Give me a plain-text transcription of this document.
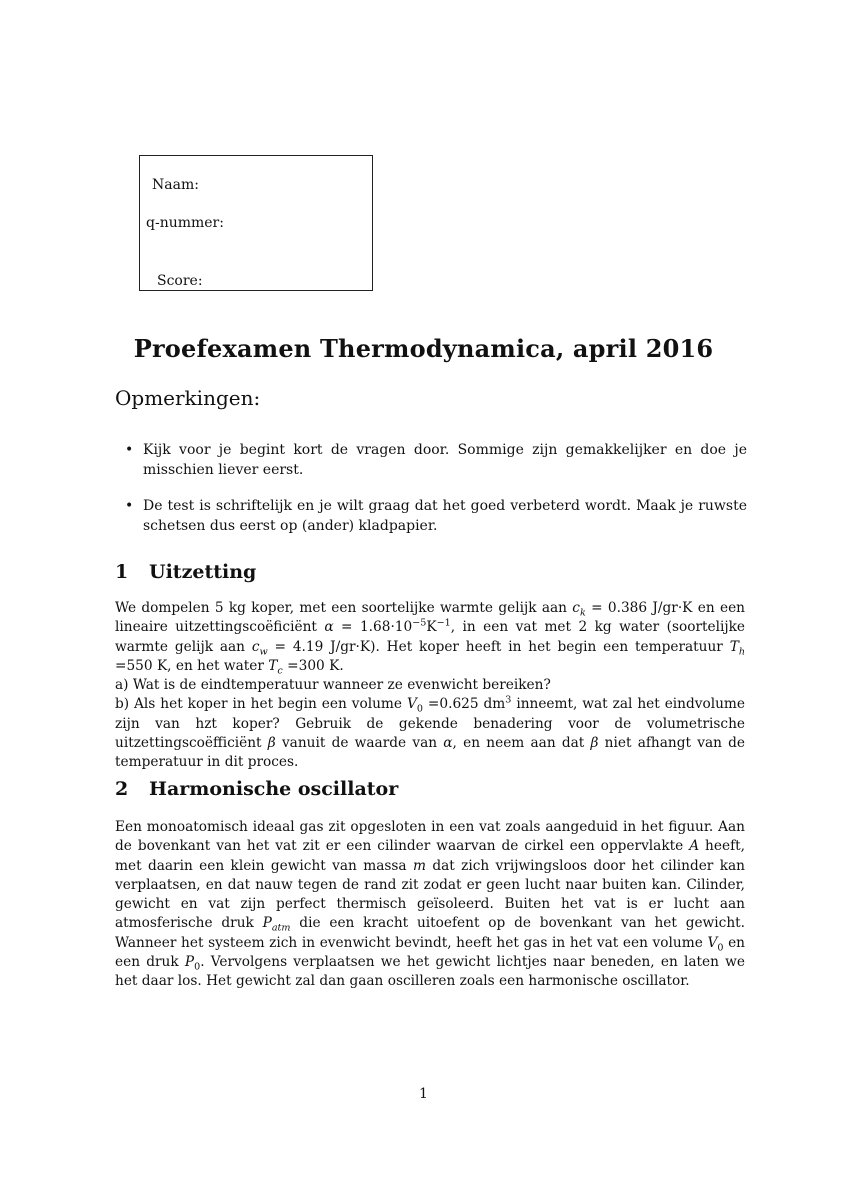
Naam:
q-nummer:
Score:
Proefexamen Thermodynamica, april 2016
Opmerkingen:
• Kijk voor je begint kort de vragen door. Sommige zijn gemakkelijker en doe je misschien liever eerst.
• De test is schriftelijk en je wilt graag dat het goed verbeterd wordt. Maak je ruwste schetsen dus eerst op (ander) kladpapier.
1 Uitzetting

We dompelen 5 kg koper, met een soortelijke warmte gelijk aan $c_k = 0.386$ J/gr·K en een lineaire uitzettingscoëficiënt $\alpha = 1.68\cdot 10^{-5}K^{-1}$, in een vat met 2 kg water (soortelijke warmte gelijk aan $c_w = 4.19$ J/gr·K). Het koper heeft in het begin een temperatuur $T_h =550$ K, en het water $T_c =300$ K.

a) Wat is de eindtemperatuur wanneer ze evenwicht bereiken?

b) Als het koper in het begin een volume $V_0 =0.625$ $dm^3$ inneemt, wat zal het eindvolume zijn van hzt koper? Gebruik de gekende benadering voor de volumetrische uitzettingscoëfficiënt β vanuit de waarde van α, en neem aan dat β niet afhangt van de temperatuur in dit proces.

2 Harmonische oscillator

Een monoatomisch ideaal gas zit opgesloten in een vat zoals aangeduid in het figuur. Aan de bovenkant van het vat zit er een cilinder waarvan de cirkel een oppervlakte A heeft, met daarin een klein gewicht van massa m dat zich vrijwingsloos door het cilinder kan verplaatsen, en dat nauw tegen de rand zit zodat er geen lucht naar buiten kan. Cilinder, gewicht en vat zijn perfect thermisch geïsoleerd. Buiten het vat is er lucht aan atmosferische druk $P_{atm}$ die een kracht uitoefent op de bovenkant van het gewicht. Wanneer het systeem zich in evenwicht bevindt, heeft het gas in het vat een volume $V_0$ en een druk $P_0$. Vervolgens verplaatsen we het gewicht lichtjes naar beneden, en laten we het daar los. Het gewicht zal dan gaan oscilleren zoals een harmonische oscillator.

1
